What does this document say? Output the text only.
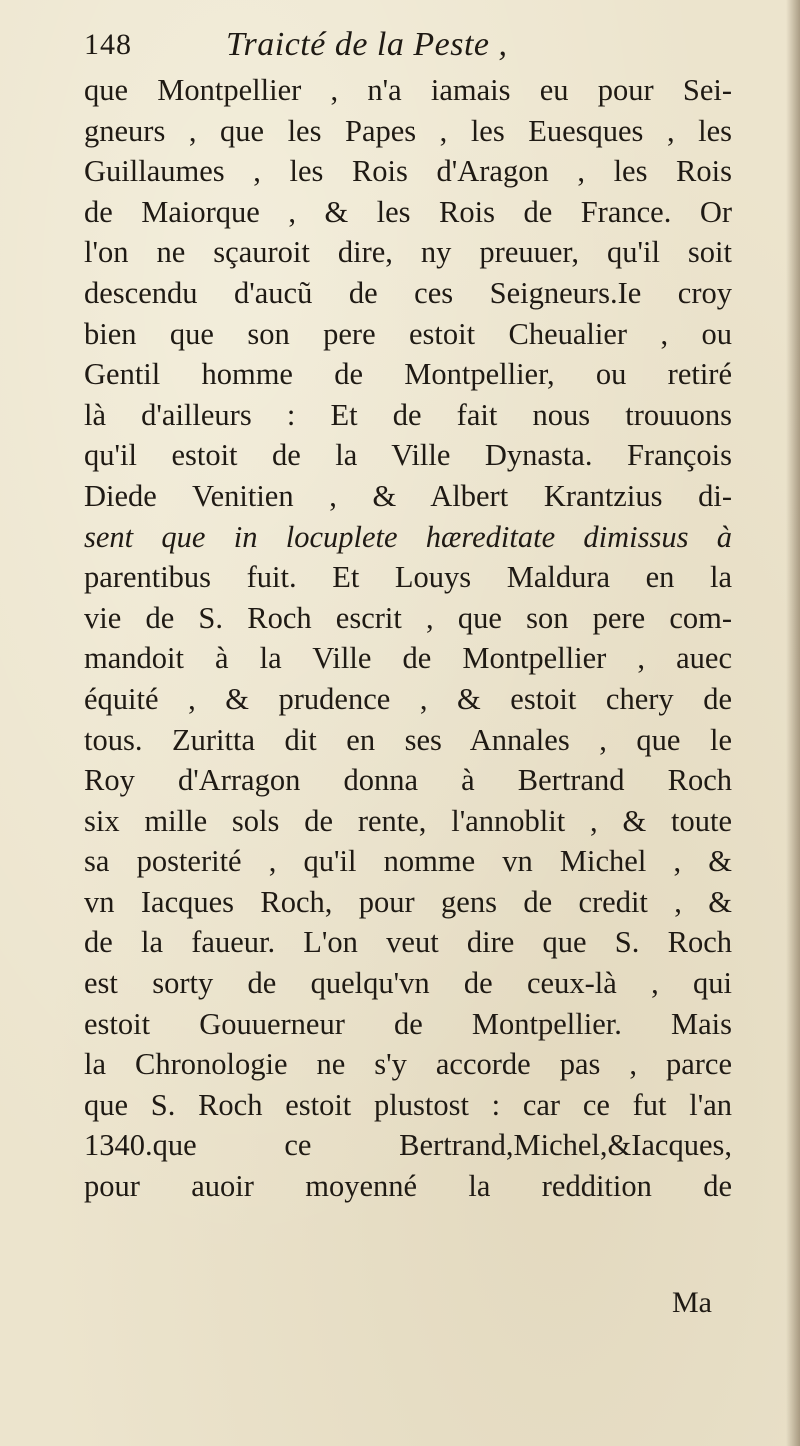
148	Traicté de la Peste ,
que Montpellier , n'a iamais eu pour Sei-
gneurs , que les Papes , les Euesques , les
Guillaumes , les Rois d'Aragon , les Rois
de Maiorque , & les Rois de France. Or
l'on ne sçauroit dire, ny preuuer, qu'il soit
descendu d'aucũ de ces Seigneurs.Ie croy
bien que son pere estoit Cheualier , ou
Gentil homme de Montpellier, ou retiré
là d'ailleurs : Et de fait nous trouuons
qu'il estoit de la Ville Dynasta. François
Diede Venitien , & Albert Krantzius di-
sent que in locuplete hæreditate dimissus à
parentibus fuit. Et Louys Maldura en la
vie de S. Roch escrit , que son pere com-
mandoit à la Ville de Montpellier , auec
équité , & prudence , & estoit chery de
tous. Zuritta dit en ses Annales , que le
Roy d'Arragon donna à Bertrand Roch
six mille sols de rente, l'annoblit , & toute
sa posterité , qu'il nomme vn Michel , &
vn Iacques Roch, pour gens de credit , &
de la faueur. L'on veut dire que S. Roch
est sorty de quelqu'vn de ceux-là , qui
estoit Gouuerneur de Montpellier. Mais
la Chronologie ne s'y accorde pas , parce
que S. Roch estoit plustost : car ce fut l'an
1340.que ce Bertrand,Michel,&Iacques,
pour auoir moyenné la reddition de
Ma
